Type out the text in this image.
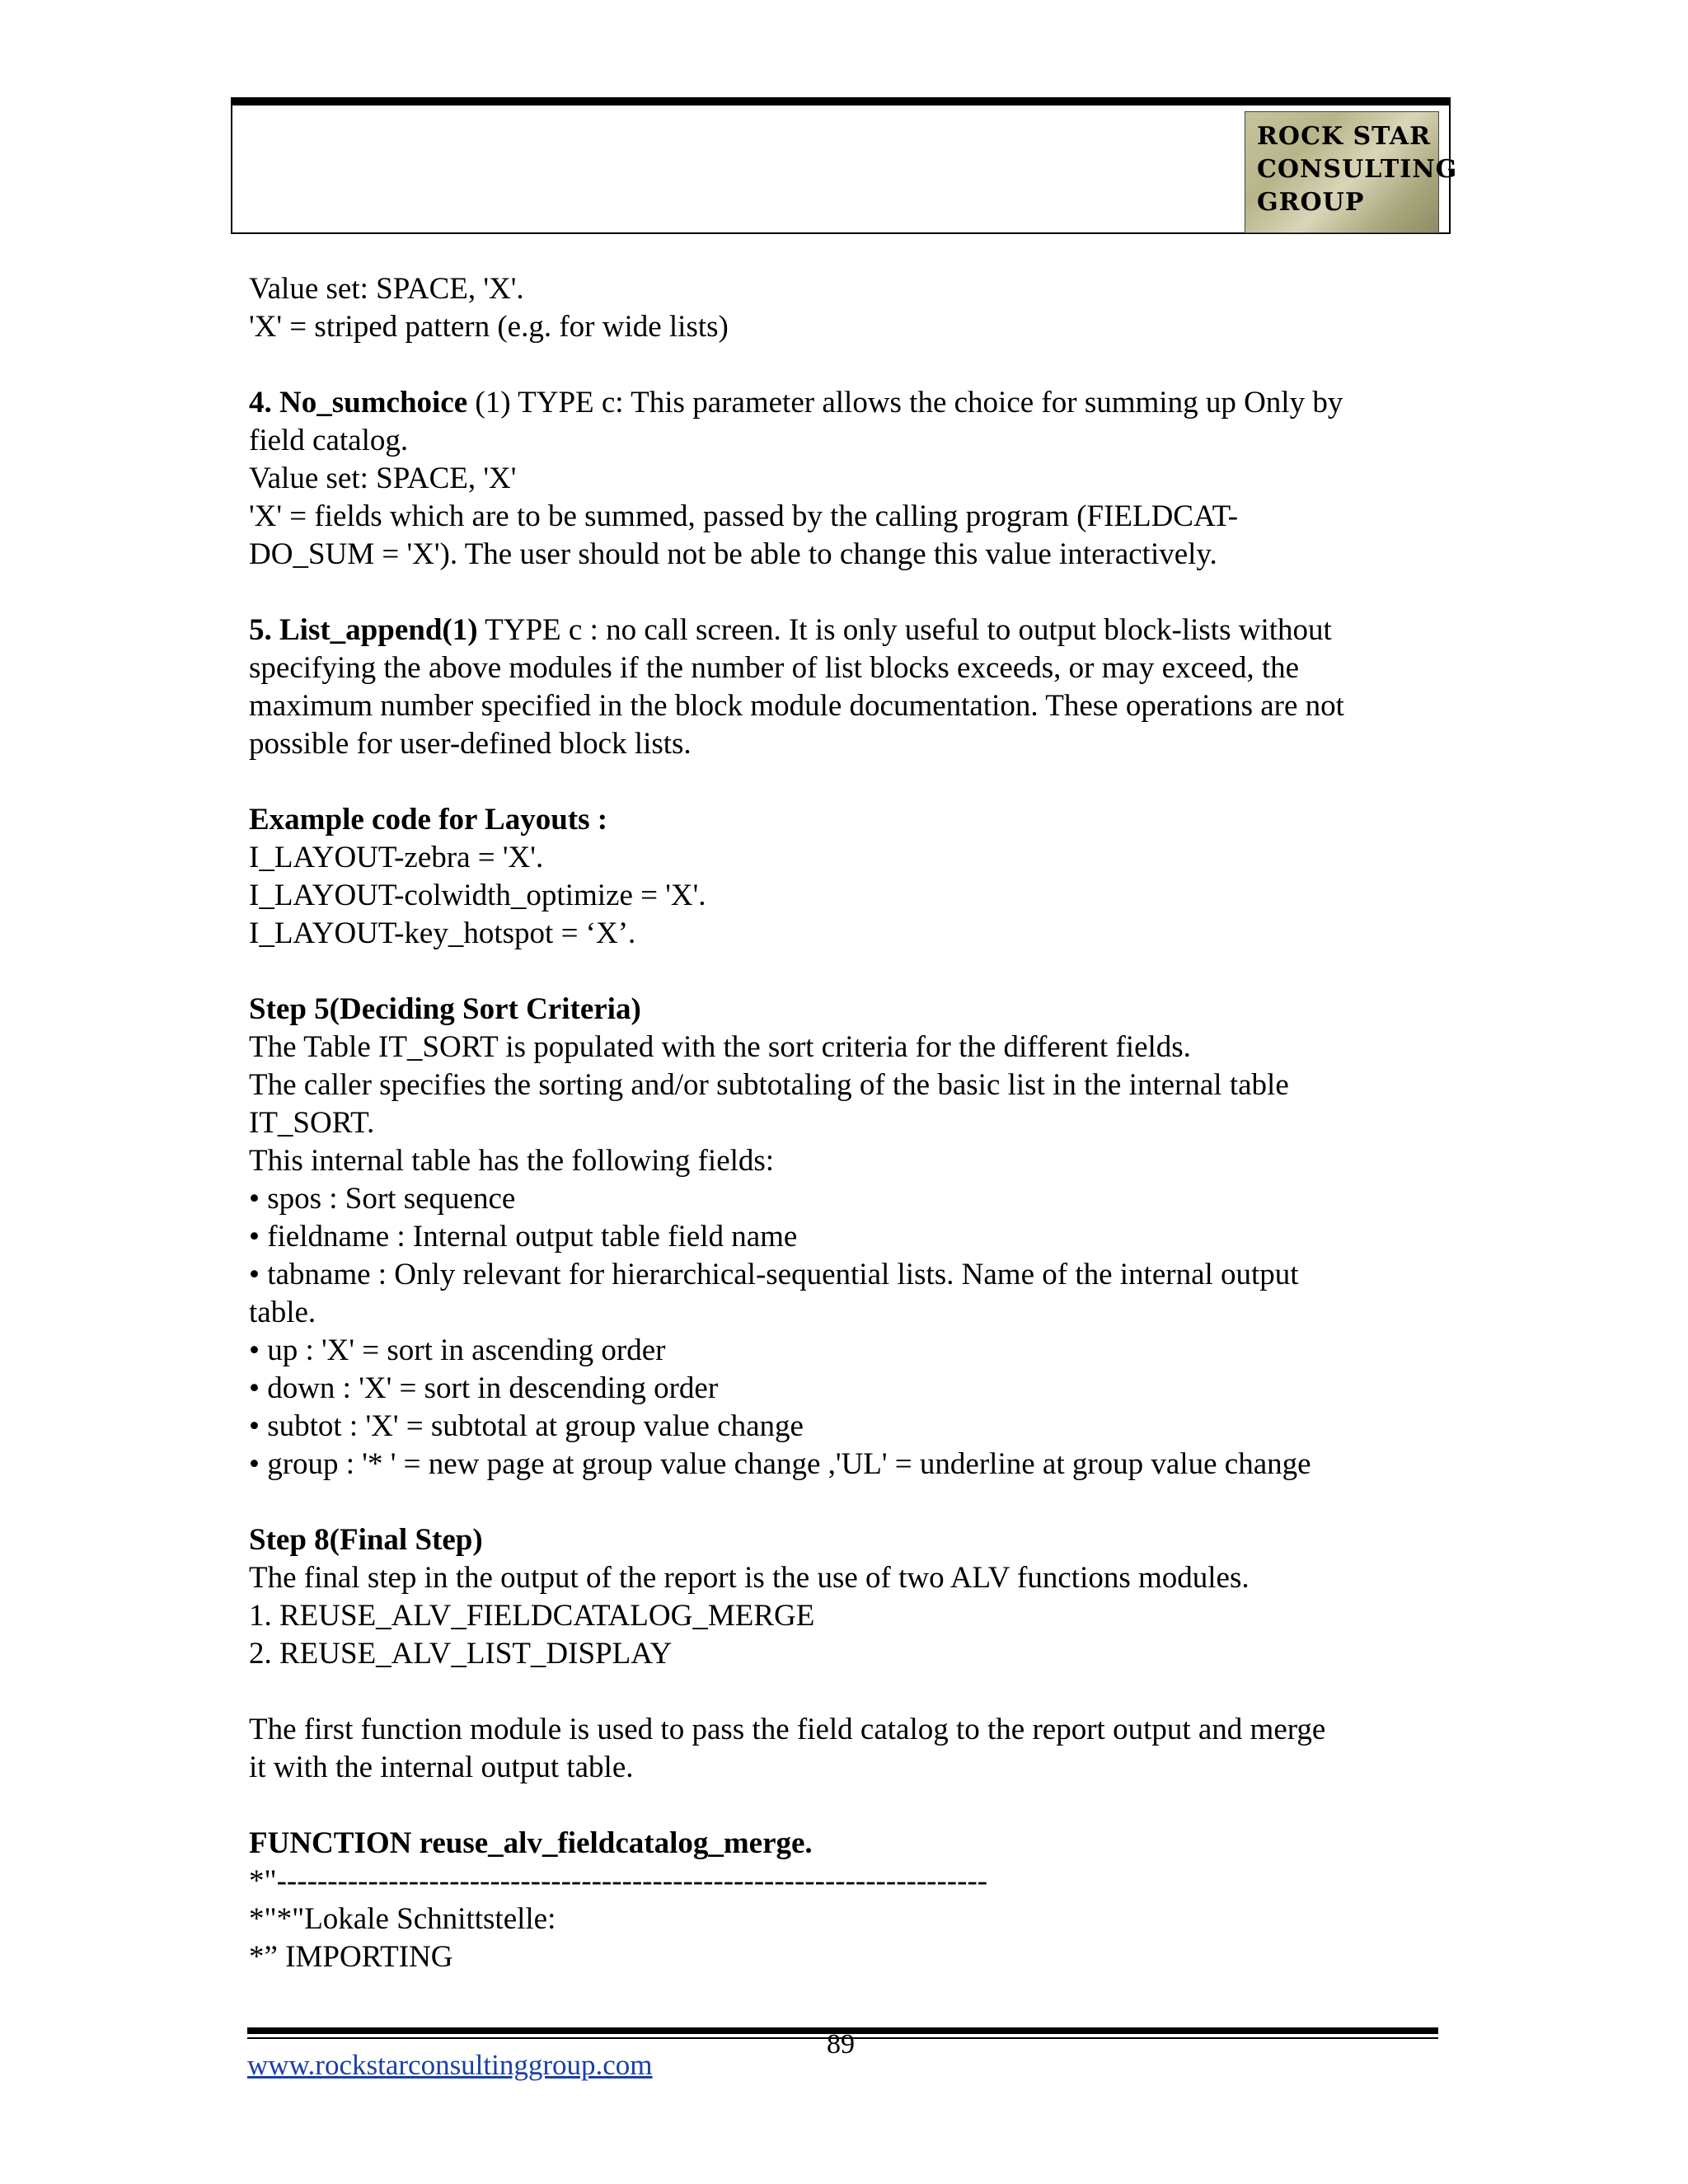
ROCK STAR
CONSULTING
GROUP

Value set: SPACE, 'X'.

'X' = striped pattern (e.g. for wide lists)

4. No_sumchoice (1) TYPE c: This parameter allows the choice for summing up Only by

field catalog.

Value set: SPACE, 'X'

'X' = fields which are to be summed, passed by the calling program (FIELDCAT-

DO_SUM = 'X'). The user should not be able to change this value interactively.

5. List_append(1) TYPE c : no call screen. It is only useful to output block-lists without

specifying the above modules if the number of list blocks exceeds, or may exceed, the

maximum number specified in the block module documentation. These operations are not

possible for user-defined block lists.

Example code for Layouts :

I_LAYOUT-zebra = 'X'.

I_LAYOUT-colwidth_optimize = 'X'.

I_LAYOUT-key_hotspot = ‘X’.

Step 5(Deciding Sort Criteria)

The Table IT_SORT is populated with the sort criteria for the different fields.

The caller specifies the sorting and/or subtotaling of the basic list in the internal table

IT_SORT.

This internal table has the following fields:

• spos : Sort sequence

• fieldname : Internal output table field name

• tabname : Only relevant for hierarchical-sequential lists. Name of the internal output

table.

• up : 'X' = sort in ascending order

• down : 'X' = sort in descending order

• subtot : 'X' = subtotal at group value change

• group : '* ' = new page at group value change ,'UL' = underline at group value change

Step 8(Final Step)

The final step in the output of the report is the use of two ALV functions modules.

1. REUSE_ALV_FIELDCATALOG_MERGE

2. REUSE_ALV_LIST_DISPLAY

The first function module is used to pass the field catalog to the report output and merge

it with the internal output table.

FUNCTION reuse_alv_fieldcatalog_merge.

*"----------------------------------------------------------------------

*"*"Lokale Schnittstelle:

*” IMPORTING

89
www.rockstarconsultinggroup.com
